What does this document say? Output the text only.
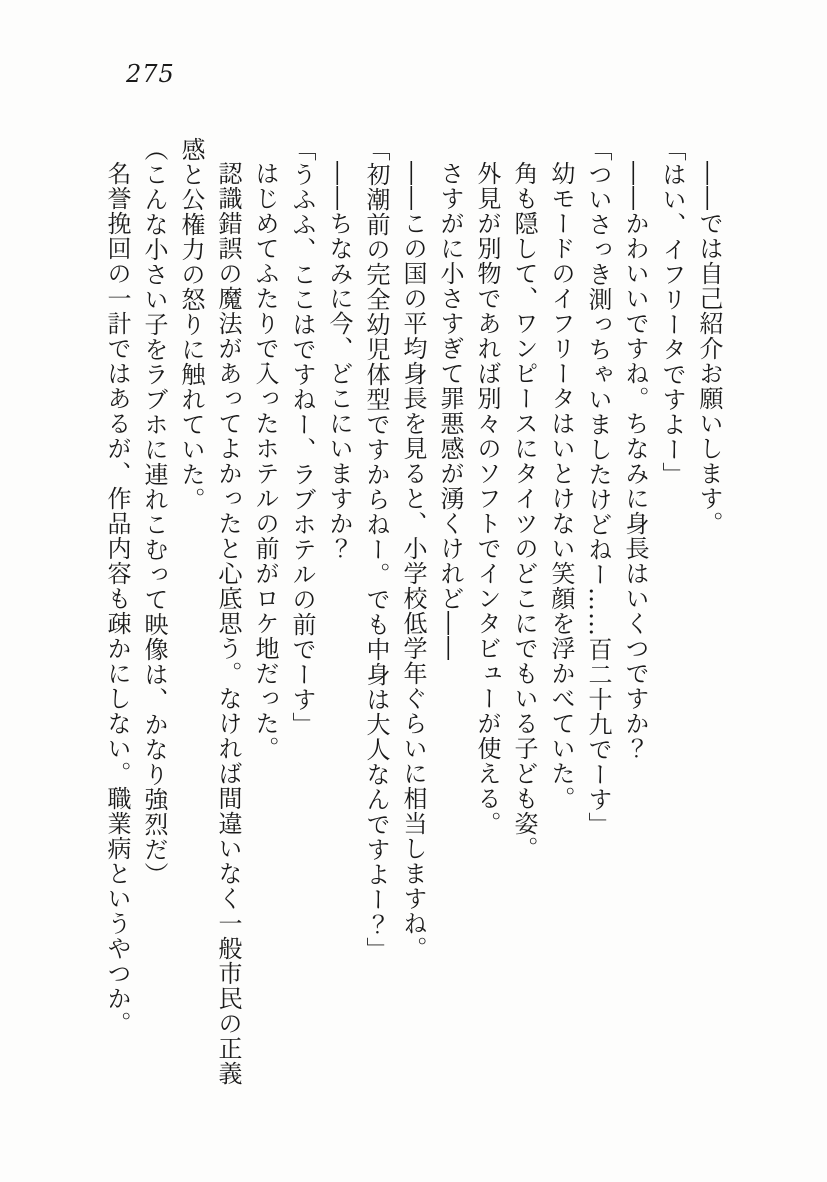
275
――では自己紹介お願いします。
「はい、イフリータですよー」
――かわいいですね。ちなみに身長はいくつですか？
「ついさっき測っちゃいましたけどねー……百二十九でーす」
幼モードのイフリータはいとけない笑顔を浮かべていた。
角も隠して、ワンピースにタイツのどこにでもいる子ども姿。
外見が別物であれば別々のソフトでインタビューが使える。
さすがに小さすぎて罪悪感が湧くけれど――
――この国の平均身長を見ると、小学校低学年ぐらいに相当しますね。
「初潮前の完全幼児体型ですからねー。でも中身は大人なんですよー？」
――ちなみに今、どこにいますか？
「うふふ、ここはですねー、ラブホテルの前でーす」
はじめてふたりで入ったホテルの前がロケ地だった。
認識錯誤の魔法があってよかったと心底思う。なければ間違いなく一般市民の正義
感と公権力の怒りに触れていた。
（こんな小さい子をラブホに連れこむって映像は、かなり強烈だ）
名誉挽回の一計ではあるが、作品内容も疎かにしない。職業病というやつか。
